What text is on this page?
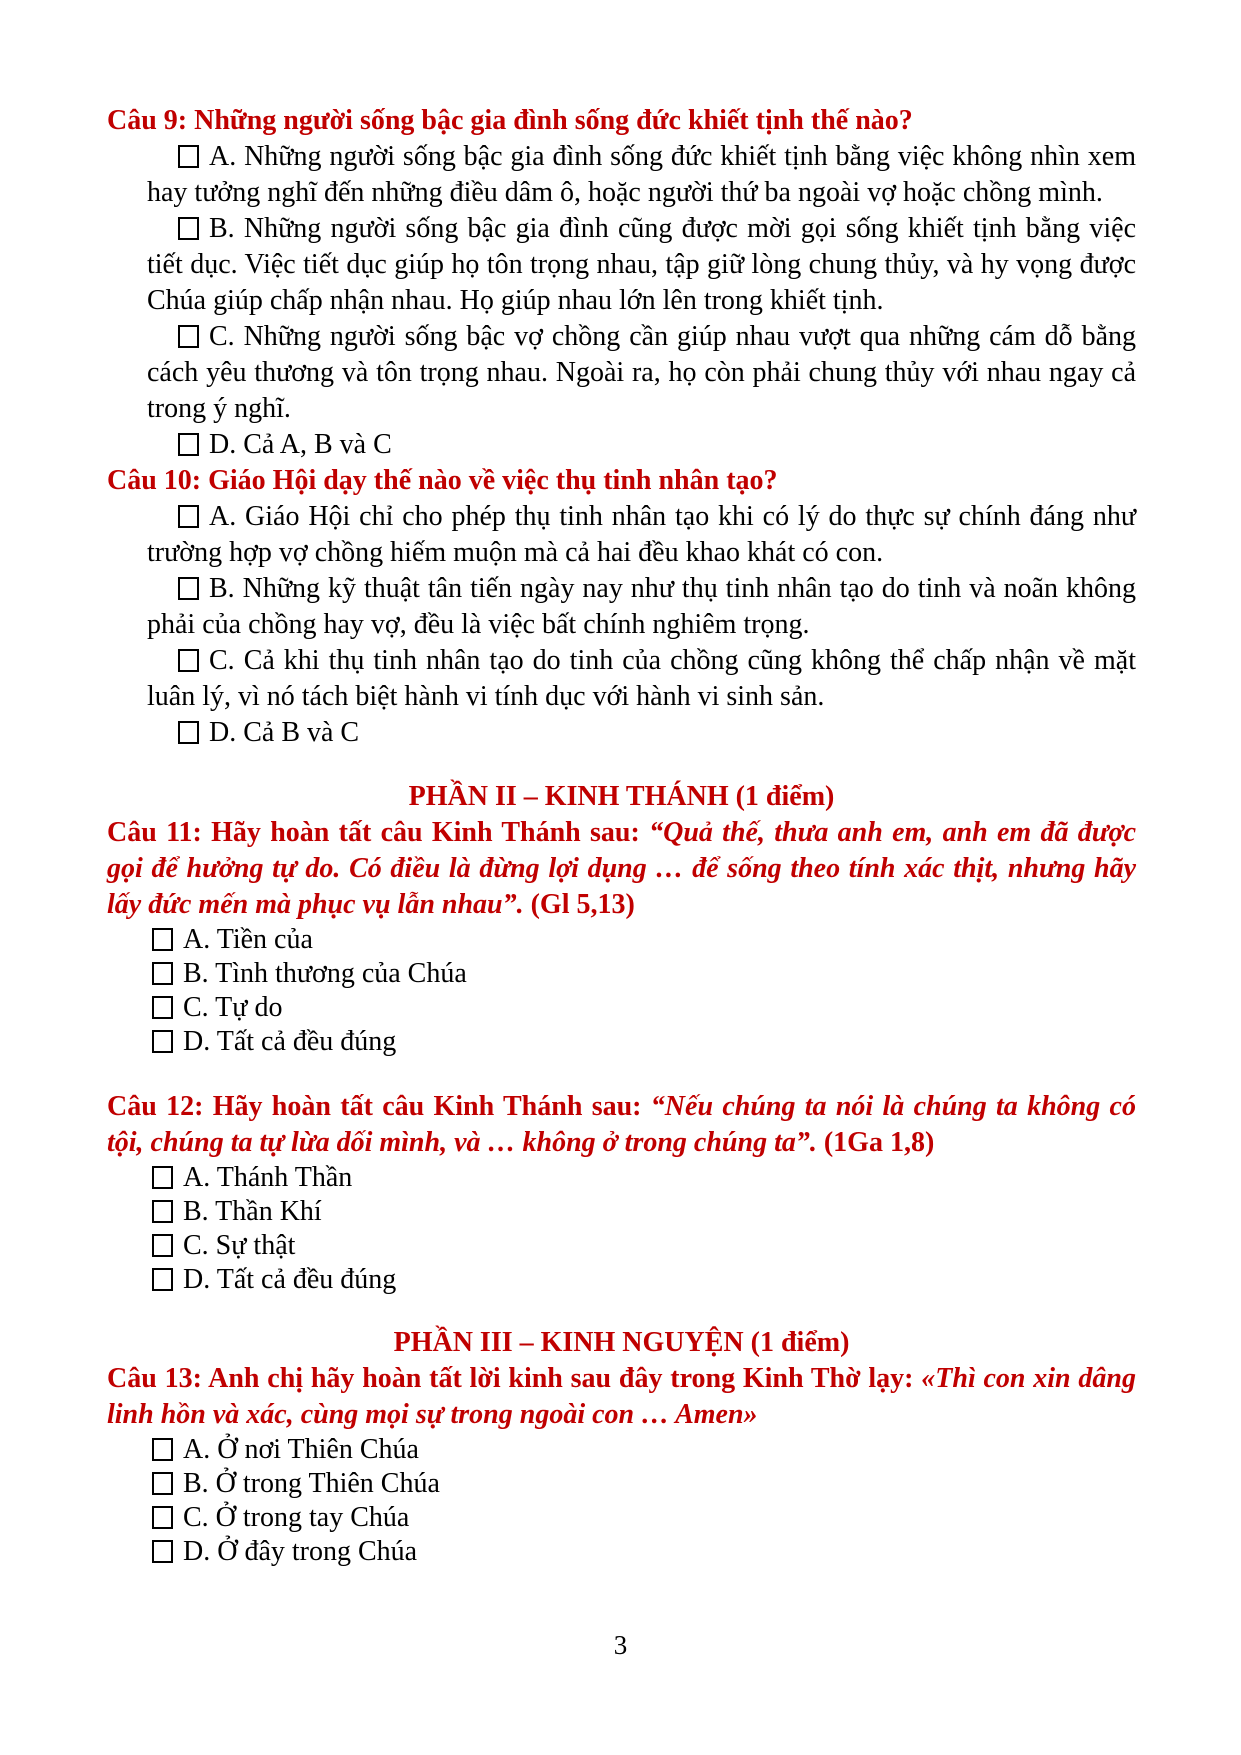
Câu 9: Những người sống bậc gia đình sống đức khiết tịnh thế nào?

A. Những người sống bậc gia đình sống đức khiết tịnh bằng việc không nhìn xem hay tưởng nghĩ đến những điều dâm ô, hoặc người thứ ba ngoài vợ hoặc chồng mình.

B. Những người sống bậc gia đình cũng được mời gọi sống khiết tịnh bằng việc tiết dục. Việc tiết dục giúp họ tôn trọng nhau, tập giữ lòng chung thủy, và hy vọng được Chúa giúp chấp nhận nhau. Họ giúp nhau lớn lên trong khiết tịnh.

C. Những người sống bậc vợ chồng cần giúp nhau vượt qua những cám dỗ bằng cách yêu thương và tôn trọng nhau. Ngoài ra, họ còn phải chung thủy với nhau ngay cả trong ý nghĩ.

D. Cả A, B và C

Câu 10: Giáo Hội dạy thế nào về việc thụ tinh nhân tạo?

A. Giáo Hội chỉ cho phép thụ tinh nhân tạo khi có lý do thực sự chính đáng như trường hợp vợ chồng hiếm muộn mà cả hai đều khao khát có con.

B. Những kỹ thuật tân tiến ngày nay như thụ tinh nhân tạo do tinh và noãn không phải của chồng hay vợ, đều là việc bất chính nghiêm trọng.

C. Cả khi thụ tinh nhân tạo do tinh của chồng cũng không thể chấp nhận về mặt luân lý, vì nó tách biệt hành vi tính dục với hành vi sinh sản.

D. Cả B và C

PHẦN II – KINH THÁNH (1 điểm)

Câu 11: Hãy hoàn tất câu Kinh Thánh sau: “Quả thế, thưa anh em, anh em đã được gọi để hưởng tự do. Có điều là đừng lợi dụng … để sống theo tính xác thịt, nhưng hãy lấy đức mến mà phục vụ lẫn nhau”. (Gl 5,13)

A. Tiền của

B. Tình thương của Chúa

C. Tự do

D. Tất cả đều đúng

Câu 12: Hãy hoàn tất câu Kinh Thánh sau: “Nếu chúng ta nói là chúng ta không có tội, chúng ta tự lừa dối mình, và … không ở trong chúng ta”. (1Ga 1,8)

A. Thánh Thần

B. Thần Khí

C. Sự thật

D. Tất cả đều đúng

PHẦN III – KINH NGUYỆN (1 điểm)

Câu 13: Anh chị hãy hoàn tất lời kinh sau đây trong Kinh Thờ lạy: «Thì con xin dâng linh hồn và xác, cùng mọi sự trong ngoài con … Amen»

A. Ở nơi Thiên Chúa

B. Ở trong Thiên Chúa

C. Ở trong tay Chúa

D. Ở đây trong Chúa

3
